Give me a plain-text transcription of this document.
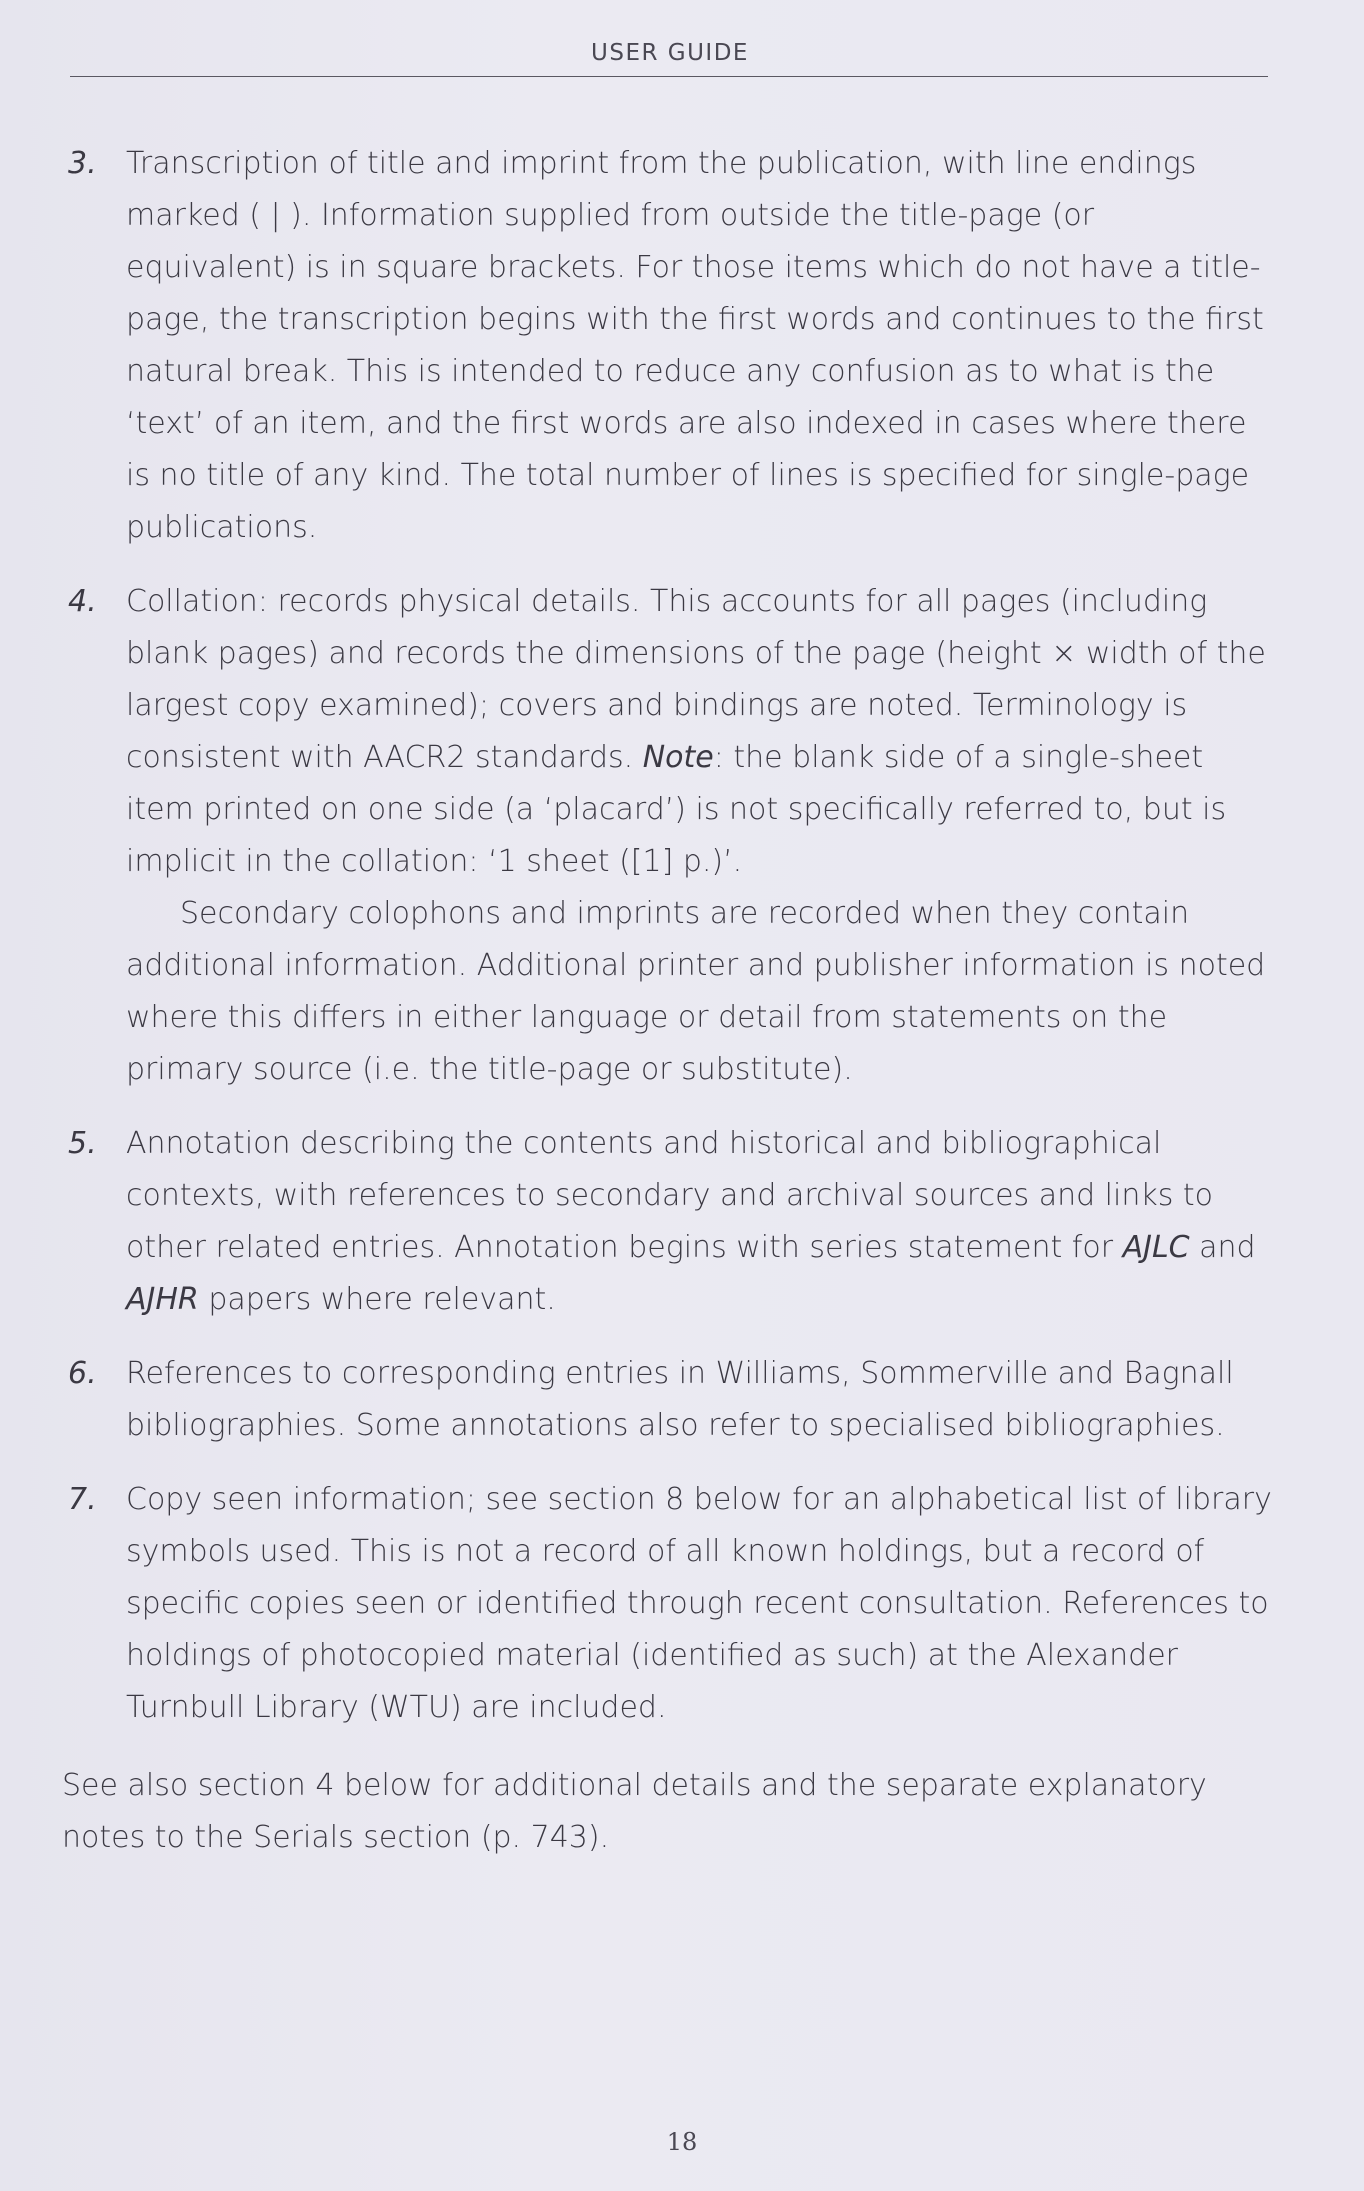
USER GUIDE
3. Transcription of title and imprint from the publication, with line endings marked ( | ). Information supplied from outside the title-page (or equivalent) is in square brackets. For those items which do not have a title-page, the transcription begins with the first words and continues to the first natural break. This is intended to reduce any confusion as to what is the ‘text’ of an item, and the first words are also indexed in cases where there is no title of any kind. The total number of lines is specified for single-page publications.

4. Collation: records physical details. This accounts for all pages (including blank pages) and records the dimensions of the page (height × width of the largest copy examined); covers and bindings are noted. Terminology is consistent with AACR2 standards. Note: the blank side of a single-sheet item printed on one side (a ‘placard’) is not specifically referred to, but is implicit in the collation: ‘1 sheet ([1] p.)’.

Secondary colophons and imprints are recorded when they contain additional information. Additional printer and publisher information is noted where this differs in either language or detail from statements on the primary source (i.e. the title-page or substitute).

5. Annotation describing the contents and historical and bibliographical contexts, with references to secondary and archival sources and links to other related entries. Annotation begins with series statement for AJLC and AJHR papers where relevant.

6. References to corresponding entries in Williams, Sommerville and Bagnall bibliographies. Some annotations also refer to specialised bibliographies.

7. Copy seen information; see section 8 below for an alphabetical list of library symbols used. This is not a record of all known holdings, but a record of specific copies seen or identified through recent consultation. References to holdings of photocopied material (identified as such) at the Alexander Turnbull Library (WTU) are included.

See also section 4 below for additional details and the separate explanatory notes to the Serials section (p. 743).

18
